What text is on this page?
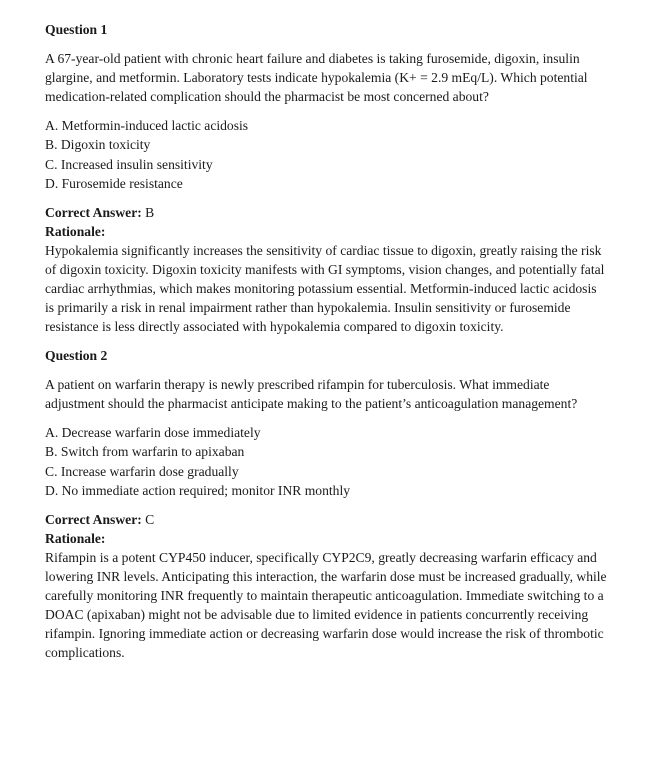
Question 1

A 67-year-old patient with chronic heart failure and diabetes is taking furosemide, digoxin, insulin glargine, and metformin. Laboratory tests indicate hypokalemia (K+ = 2.9 mEq/L). Which potential medication-related complication should the pharmacist be most concerned about?

A. Metformin-induced lactic acidosis
B. Digoxin toxicity
C. Increased insulin sensitivity
D. Furosemide resistance

Correct Answer: B

Rationale:

Hypokalemia significantly increases the sensitivity of cardiac tissue to digoxin, greatly raising the risk of digoxin toxicity. Digoxin toxicity manifests with GI symptoms, vision changes, and potentially fatal cardiac arrhythmias, which makes monitoring potassium essential. Metformin-induced lactic acidosis is primarily a risk in renal impairment rather than hypokalemia. Insulin sensitivity or furosemide resistance is less directly associated with hypokalemia compared to digoxin toxicity.

Question 2

A patient on warfarin therapy is newly prescribed rifampin for tuberculosis. What immediate adjustment should the pharmacist anticipate making to the patient’s anticoagulation management?

A. Decrease warfarin dose immediately
B. Switch from warfarin to apixaban
C. Increase warfarin dose gradually
D. No immediate action required; monitor INR monthly

Correct Answer: C

Rationale:

Rifampin is a potent CYP450 inducer, specifically CYP2C9, greatly decreasing warfarin efficacy and lowering INR levels. Anticipating this interaction, the warfarin dose must be increased gradually, while carefully monitoring INR frequently to maintain therapeutic anticoagulation. Immediate switching to a DOAC (apixaban) might not be advisable due to limited evidence in patients concurrently receiving rifampin. Ignoring immediate action or decreasing warfarin dose would increase the risk of thrombotic complications.
